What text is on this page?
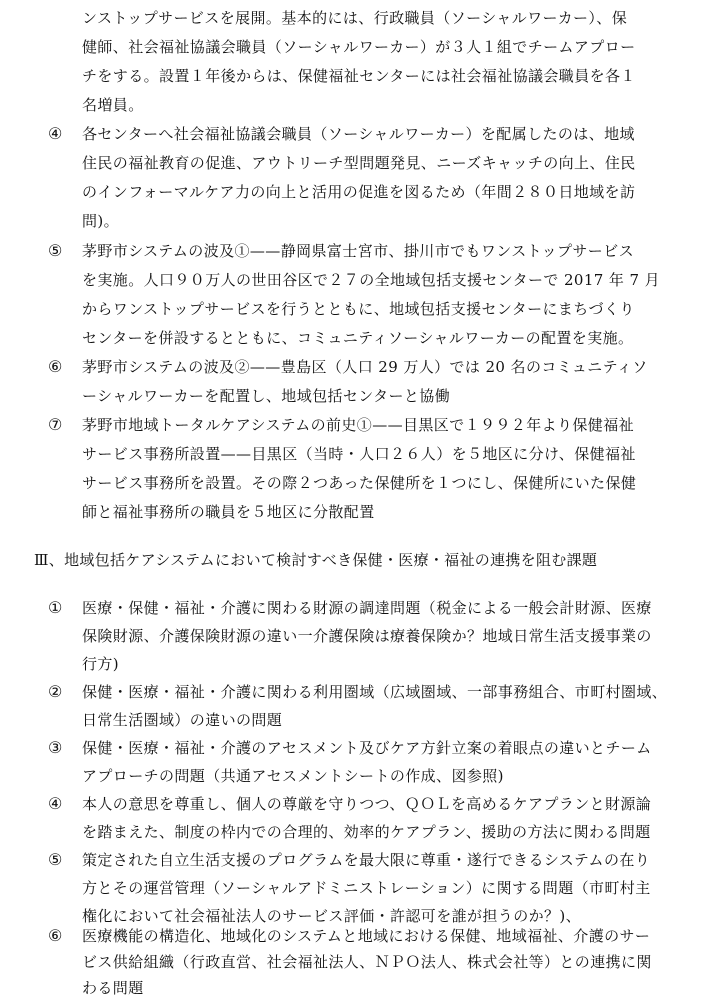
ンストップサービスを展開。基本的には、行政職員（ソーシャルワーカー）、保
健師、社会福祉協議会職員（ソーシャルワーカー）が３人１組でチームアプロー
チをする。設置１年後からは、保健福祉センターには社会福祉協議会職員を各１
名増員。
④ 各センターへ社会福祉協議会職員（ソーシャルワーカー）を配属したのは、地域
住民の福祉教育の促進、アウトリーチ型問題発見、ニーズキャッチの向上、住民
のインフォーマルケア力の向上と活用の促進を図るため（年間２８０日地域を訪
問)。
⑤ 茅野市システムの波及①——静岡県富士宮市、掛川市でもワンストップサービス
を実施。人口９０万人の世田谷区で２７の全地域包括支援センターで 2017 年 7 月
からワンストップサービスを行うとともに、地域包括支援センターにまちづくり
センターを併設するとともに、コミュニティソーシャルワーカーの配置を実施。
⑥ 茅野市システムの波及②——豊島区（人口 29 万人）では 20 名のコミュニティソ
ーシャルワーカーを配置し、地域包括センターと協働
⑦ 茅野市地域トータルケアシステムの前史①——目黒区で１９９２年より保健福祉
サービス事務所設置——目黒区（当時・人口２６人）を５地区に分け、保健福祉
サービス事務所を設置。その際２つあった保健所を１つにし、保健所にいた保健
師と福祉事務所の職員を５地区に分散配置
Ⅲ、地域包括ケアシステムにおいて検討すべき保健・医療・福祉の連携を阻む課題
① 医療・保健・福祉・介護に関わる財源の調達問題（税金による一般会計財源、医療
保険財源、介護保険財源の違い一介護保険は療養保険か？地域日常生活支援事業の
行方)
② 保健・医療・福祉・介護に関わる利用圏域（広域圏域、一部事務組合、市町村圏域、
日常生活圏域）の違いの問題
③ 保健・医療・福祉・介護のアセスメント及びケア方針立案の着眼点の違いとチーム
アプローチの問題（共通アセスメントシートの作成、図参照)
④ 本人の意思を尊重し、個人の尊厳を守りつつ、ＱＯＬを高めるケアプランと財源論
を踏まえた、制度の枠内での合理的、効率的ケアプラン、援助の方法に関わる問題
⑤ 策定された自立生活支援のプログラムを最大限に尊重・遂行できるシステムの在り
方とその運営管理（ソーシャルアドミニストレーション）に関する問題（市町村主
権化において社会福祉法人のサービス評価・許認可を誰が担うのか？)、
⑥ 医療機能の構造化、地域化のシステムと地域における保健、地域福祉、介護のサー
ビス供給組織（行政直営、社会福祉法人、ＮＰＯ法人、株式会社等）との連携に関
わる問題
